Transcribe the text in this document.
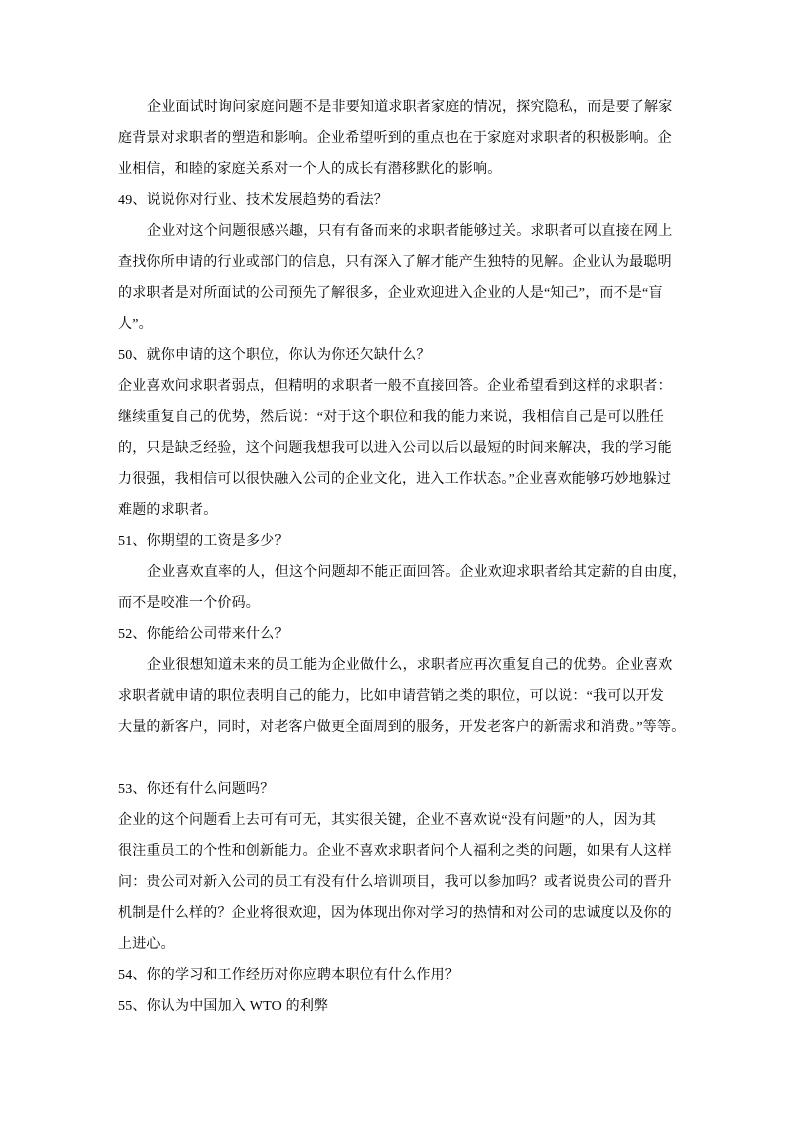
企业面试时询问家庭问题不是非要知道求职者家庭的情况，探究隐私，而是要了解家
庭背景对求职者的塑造和影响。企业希望听到的重点也在于家庭对求职者的积极影响。企
业相信，和睦的家庭关系对一个人的成长有潜移默化的影响。
49、说说你对行业、技术发展趋势的看法？
企业对这个问题很感兴趣，只有有备而来的求职者能够过关。求职者可以直接在网上
查找你所申请的行业或部门的信息，只有深入了解才能产生独特的见解。企业认为最聪明
的求职者是对所面试的公司预先了解很多，企业欢迎进入企业的人是“知己”，而不是“盲
人”。
50、就你申请的这个职位，你认为你还欠缺什么？
企业喜欢问求职者弱点，但精明的求职者一般不直接回答。企业希望看到这样的求职者：
继续重复自己的优势，然后说：“对于这个职位和我的能力来说，我相信自己是可以胜任
的，只是缺乏经验，这个问题我想我可以进入公司以后以最短的时间来解决，我的学习能
力很强，我相信可以很快融入公司的企业文化，进入工作状态。”企业喜欢能够巧妙地躲过
难题的求职者。
51、你期望的工资是多少？
企业喜欢直率的人，但这个问题却不能正面回答。企业欢迎求职者给其定薪的自由度，
而不是咬准一个价码。
52、你能给公司带来什么？
企业很想知道未来的员工能为企业做什么，求职者应再次重复自己的优势。企业喜欢
求职者就申请的职位表明自己的能力，比如申请营销之类的职位，可以说：“我可以开发
大量的新客户，同时，对老客户做更全面周到的服务，开发老客户的新需求和消费。”等等。
53、你还有什么问题吗？
企业的这个问题看上去可有可无，其实很关键，企业不喜欢说“没有问题”的人，因为其
很注重员工的个性和创新能力。企业不喜欢求职者问个人福利之类的问题，如果有人这样
问：贵公司对新入公司的员工有没有什么培训项目，我可以参加吗？或者说贵公司的晋升
机制是什么样的？企业将很欢迎，因为体现出你对学习的热情和对公司的忠诚度以及你的
上进心。
54、你的学习和工作经历对你应聘本职位有什么作用？
55、你认为中国加入 WTO 的利弊
